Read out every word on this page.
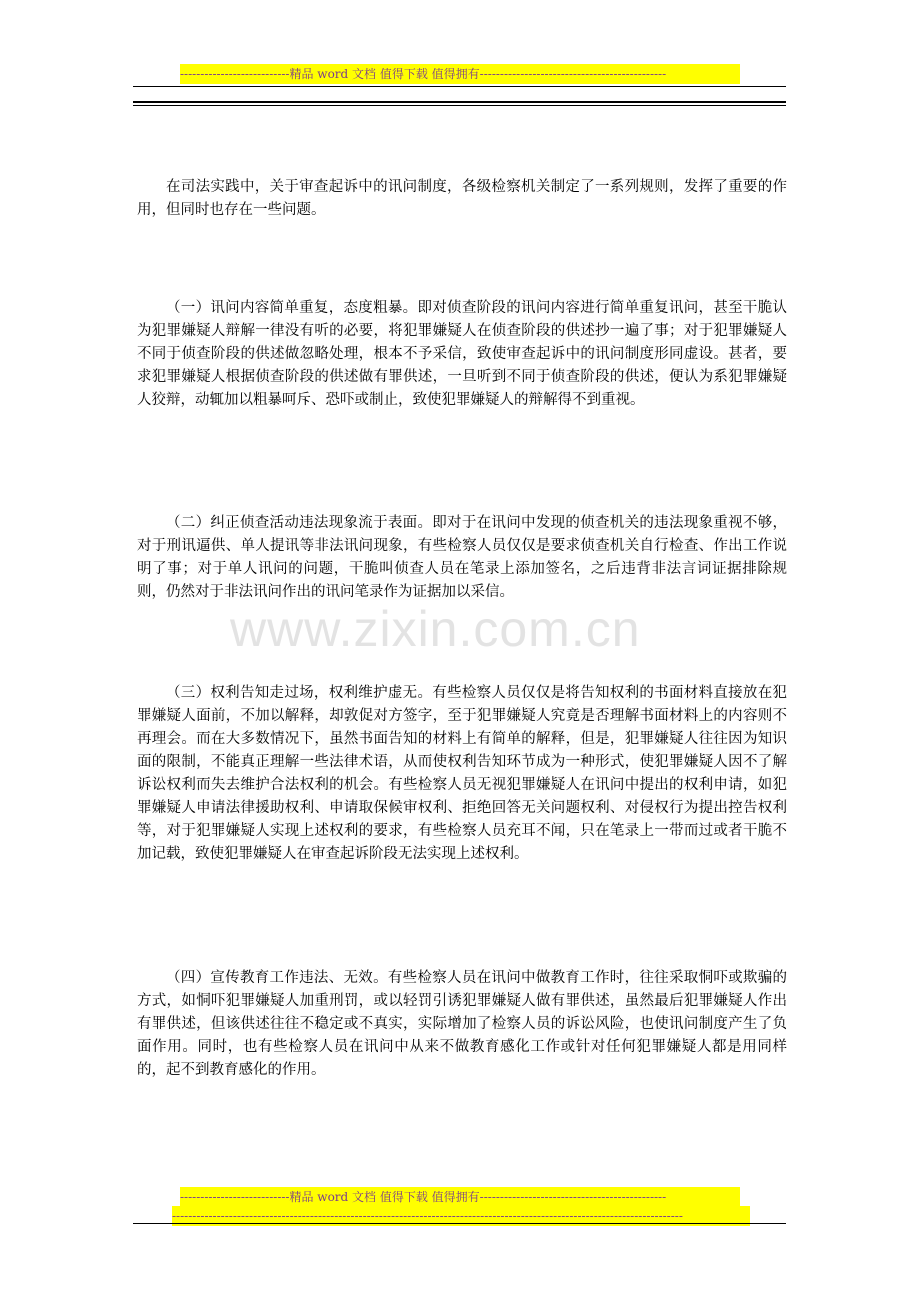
---------------------------精品 word 文档 值得下载 值得拥有----------------------------------------------
www.zixin.com.cn

在司法实践中，关于审查起诉中的讯问制度，各级检察机关制定了一系列规则，发挥了重要的作用，但同时也存在一些问题。

（一）讯问内容简单重复，态度粗暴。即对侦查阶段的讯问内容进行简单重复讯问，甚至干脆认为犯罪嫌疑人辩解一律没有听的必要，将犯罪嫌疑人在侦查阶段的供述抄一遍了事；对于犯罪嫌疑人不同于侦查阶段的供述做忽略处理，根本不予采信，致使审查起诉中的讯问制度形同虚设。甚者，要求犯罪嫌疑人根据侦查阶段的供述做有罪供述，一旦听到不同于侦查阶段的供述，便认为系犯罪嫌疑人狡辩，动辄加以粗暴呵斥、恐吓或制止，致使犯罪嫌疑人的辩解得不到重视。

（二）纠正侦查活动违法现象流于表面。即对于在讯问中发现的侦查机关的违法现象重视不够，对于刑讯逼供、单人提讯等非法讯问现象，有些检察人员仅仅是要求侦查机关自行检查、作出工作说明了事；对于单人讯问的问题，干脆叫侦查人员在笔录上添加签名，之后违背非法言词证据排除规则，仍然对于非法讯问作出的讯问笔录作为证据加以采信。

（三）权利告知走过场，权利维护虚无。有些检察人员仅仅是将告知权利的书面材料直接放在犯罪嫌疑人面前，不加以解释，却敦促对方签字，至于犯罪嫌疑人究竟是否理解书面材料上的内容则不再理会。而在大多数情况下，虽然书面告知的材料上有简单的解释，但是，犯罪嫌疑人往往因为知识面的限制，不能真正理解一些法律术语，从而使权利告知环节成为一种形式，使犯罪嫌疑人因不了解诉讼权利而失去维护合法权利的机会。有些检察人员无视犯罪嫌疑人在讯问中提出的权利申请，如犯罪嫌疑人申请法律援助权利、申请取保候审权利、拒绝回答无关问题权利、对侵权行为提出控告权利等，对于犯罪嫌疑人实现上述权利的要求，有些检察人员充耳不闻，只在笔录上一带而过或者干脆不加记载，致使犯罪嫌疑人在审查起诉阶段无法实现上述权利。

（四）宣传教育工作违法、无效。有些检察人员在讯问中做教育工作时，往往采取恫吓或欺骗的方式，如恫吓犯罪嫌疑人加重刑罚，或以轻罚引诱犯罪嫌疑人做有罪供述，虽然最后犯罪嫌疑人作出有罪供述，但该供述往往不稳定或不真实，实际增加了检察人员的诉讼风险，也使讯问制度产生了负面作用。同时，也有些检察人员在讯问中从来不做教育感化工作或针对任何犯罪嫌疑人都是用同样的，起不到教育感化的作用。

---------------------------精品 word 文档 值得下载 值得拥有----------------------------------------------
------------------------------------------------------------------------------------------------------------------------------
